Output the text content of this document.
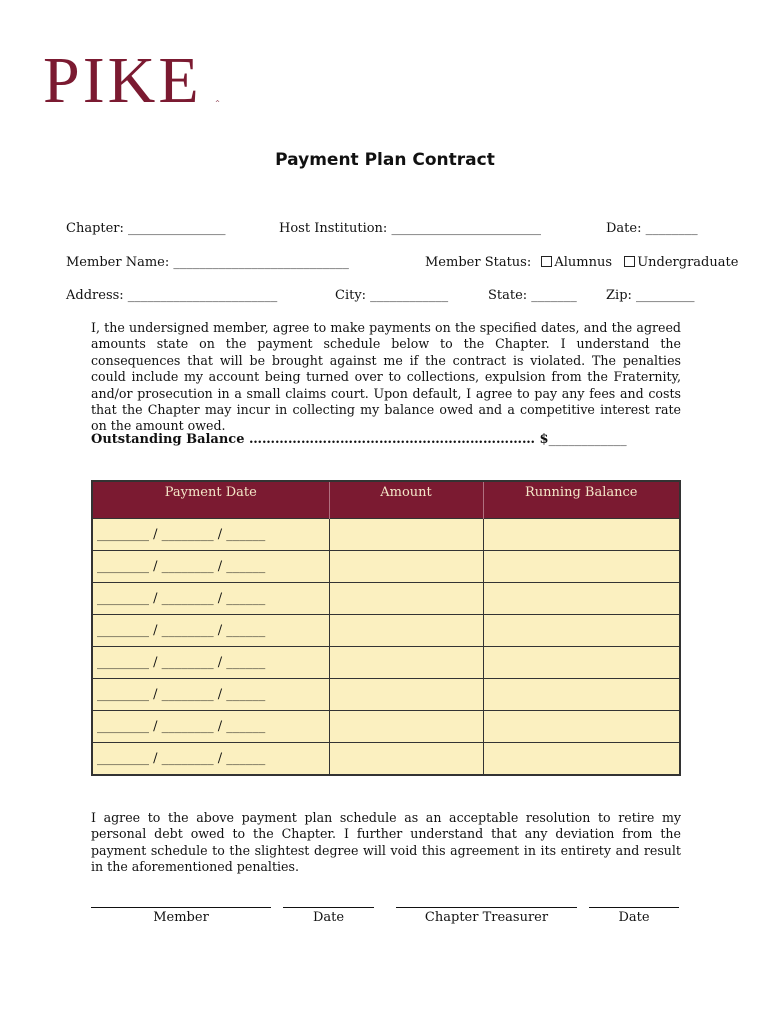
PIKE ^
Payment Plan Contract
Chapter: _______________	Host Institution: _______________________	Date: ________
Member Name: ___________________________	Member Status: Alumnus Undergraduate
Address: _______________________	City: ____________	State: _______ Zip: _________
I, the undersigned member, agree to make payments on the specified dates, and the agreed amounts state on the payment schedule below to the Chapter. I understand the consequences that will be brought against me if the contract is violated. The penalties could include my account being turned over to collections, expulsion from the Fraternity, and/or prosecution in a small claims court. Upon default, I agree to pay any fees and costs that the Chapter may incur in collecting my balance owed and a competitive interest rate on the amount owed.
Outstanding Balance ………………………………………………………… $____________
Payment Date	Amount	Running Balance
________ / ________ / ______		
________ / ________ / ______		
________ / ________ / ______		
________ / ________ / ______		
________ / ________ / ______		
________ / ________ / ______		
________ / ________ / ______		
________ / ________ / ______		
I agree to the above payment plan schedule as an acceptable resolution to retire my personal debt owed to the Chapter. I further understand that any deviation from the payment schedule to the slightest degree will void this agreement in its entirety and result in the aforementioned penalties.
Member	Date	Chapter Treasurer	Date
